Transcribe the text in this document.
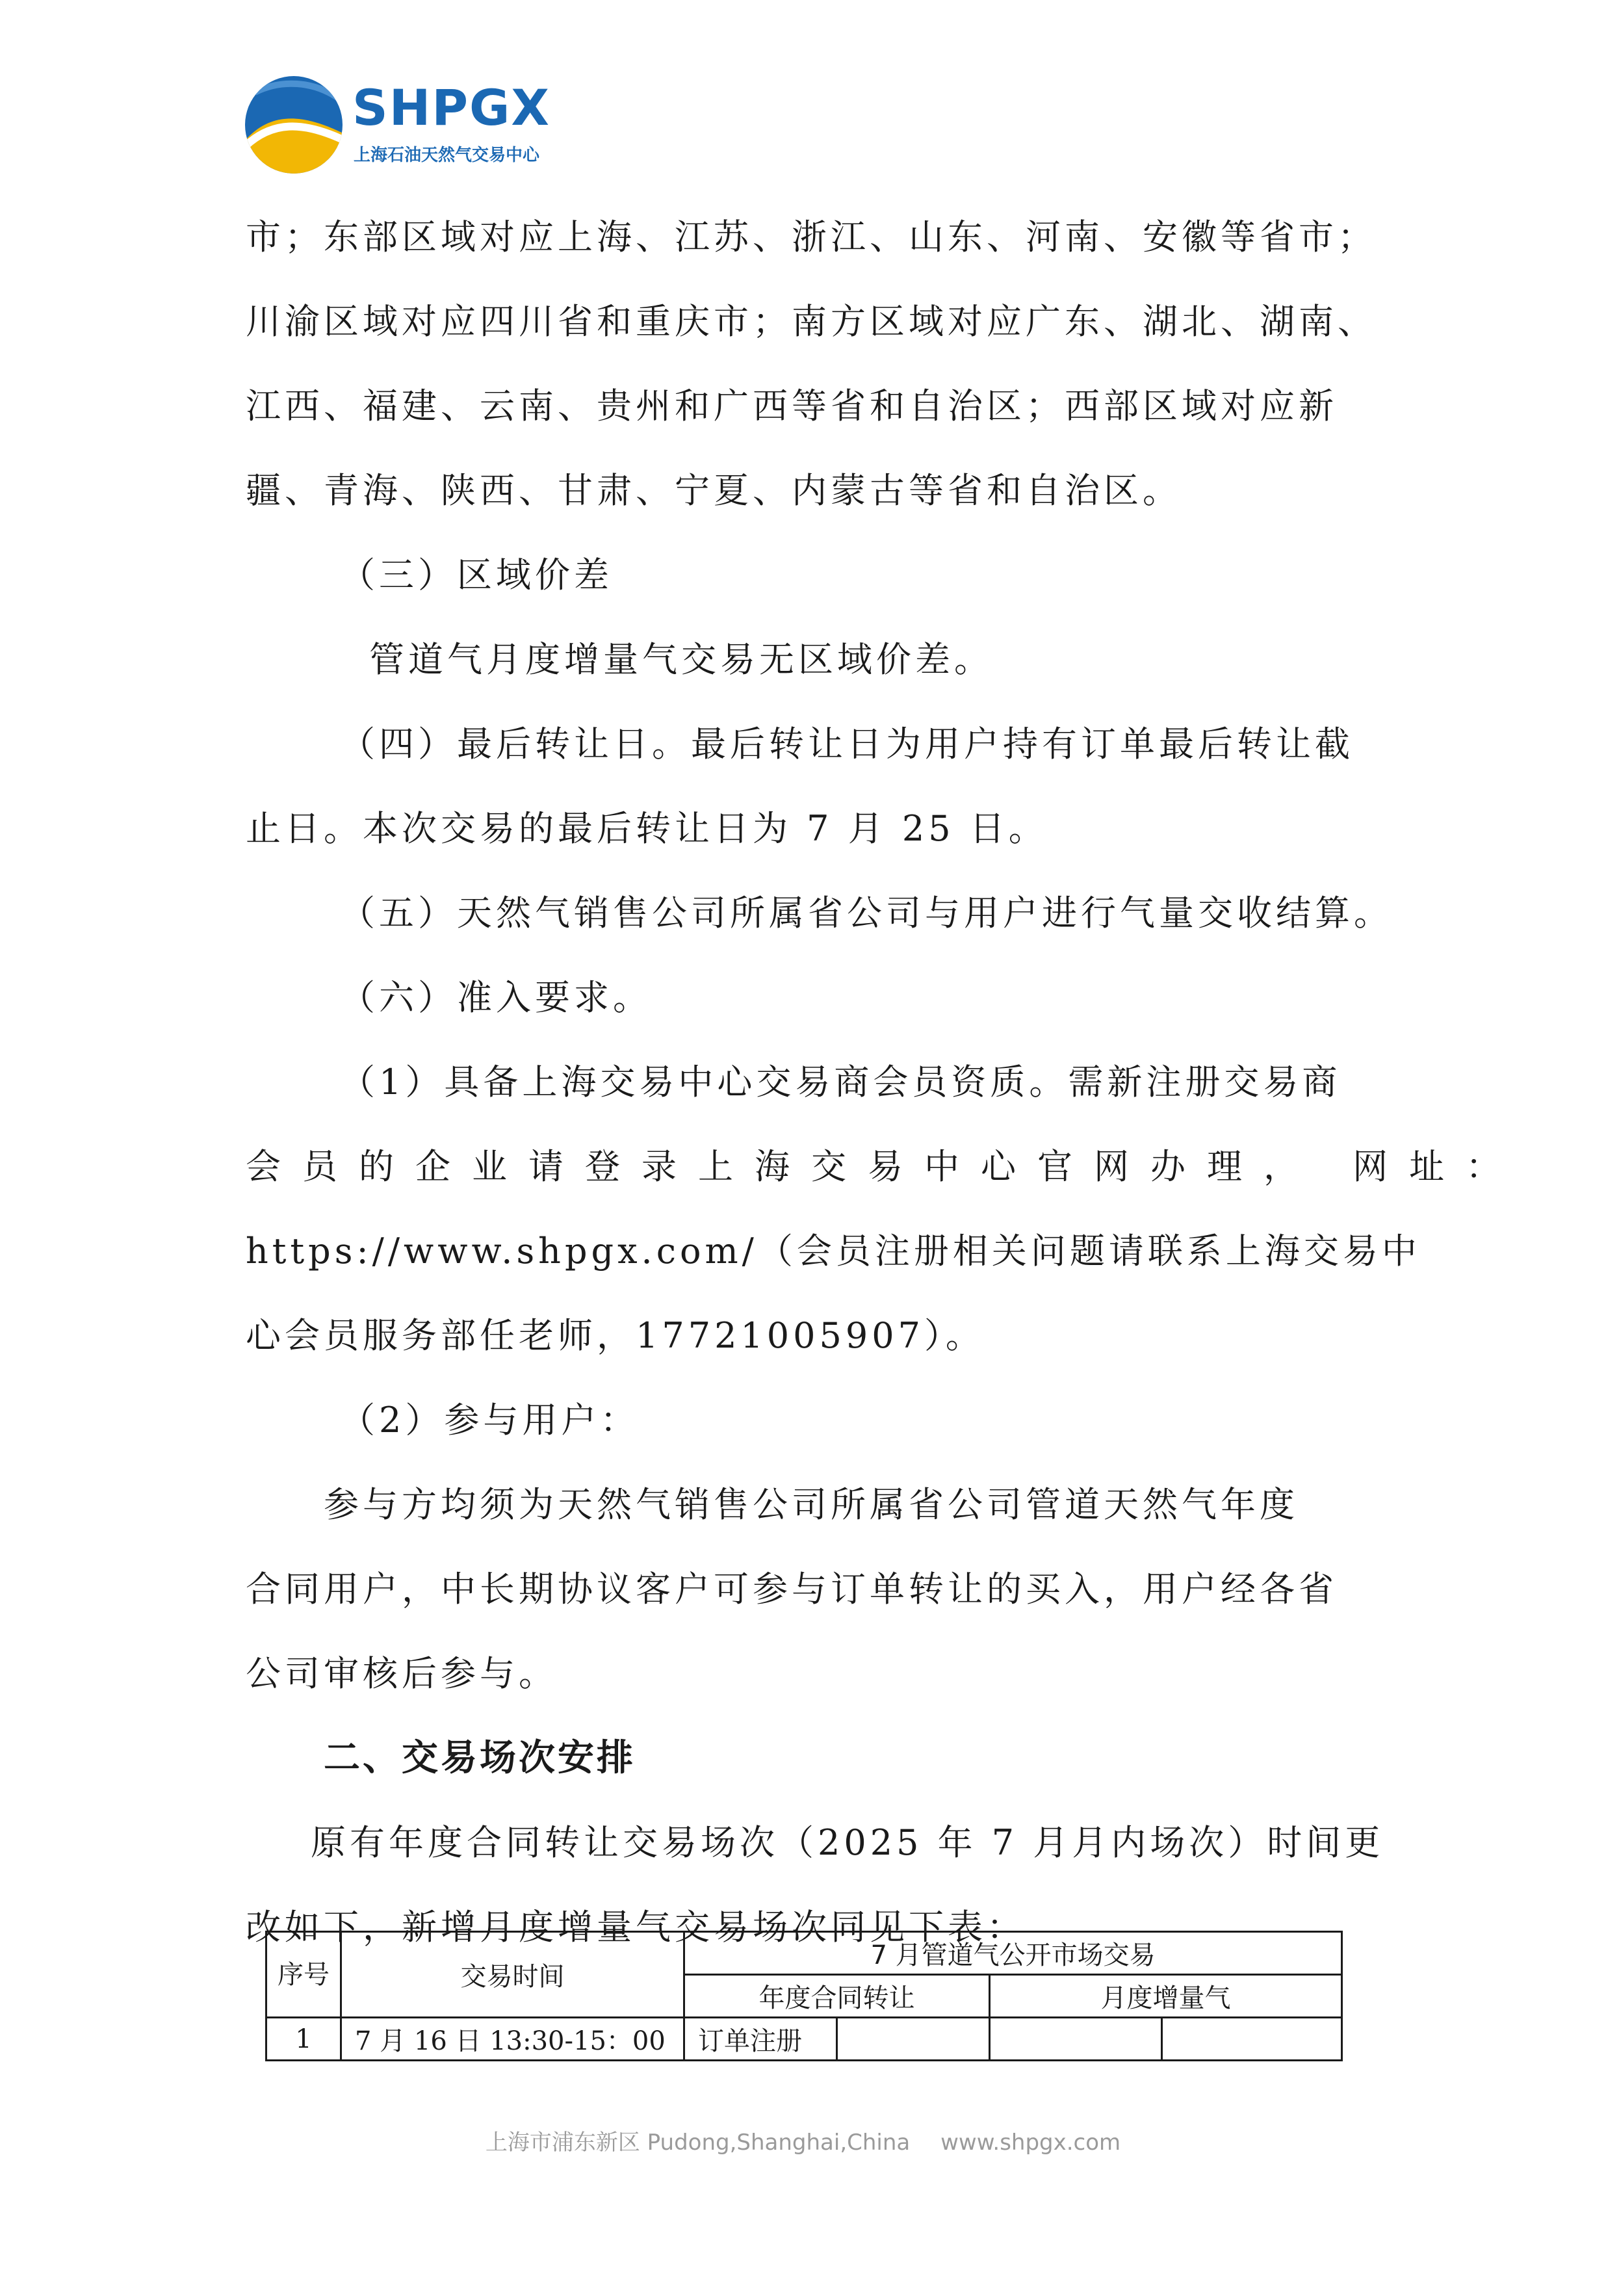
SHPGX
上海石油天然气交易中心
市；东部区域对应上海、江苏、浙江、山东、河南、安徽等省市；
川渝区域对应四川省和重庆市；南方区域对应广东、湖北、湖南、
江西、福建、云南、贵州和广西等省和自治区；西部区域对应新
疆、青海、陕西、甘肃、宁夏、内蒙古等省和自治区。
（三）区域价差
管道气月度增量气交易无区域价差。
（四）最后转让日。最后转让日为用户持有订单最后转让截
止日。本次交易的最后转让日为 7 月 25 日。
（五）天然气销售公司所属省公司与用户进行气量交收结算。
（六）准入要求。
（1）具备上海交易中心交易商会员资质。需新注册交易商
会员的企业请登录上海交易中心官网办理， 网址：
https://www.shpgx.com/（会员注册相关问题请联系上海交易中
心会员服务部任老师，17721005907）。
（2）参与用户：
参与方均须为天然气销售公司所属省公司管道天然气年度
合同用户，中长期协议客户可参与订单转让的买入，用户经各省
公司审核后参与。
二、交易场次安排
原有年度合同转让交易场次（2025 年 7 月月内场次）时间更
改如下，新增月度增量气交易场次同见下表：
序号	交易时间	7 月管道气公开市场交易			
		年度合同转让		月度增量气	
1	7 月 16 日 13:30-15：00	订单注册			
上海市浦东新区 Pudong,Shanghai,China www.shpgx.com
